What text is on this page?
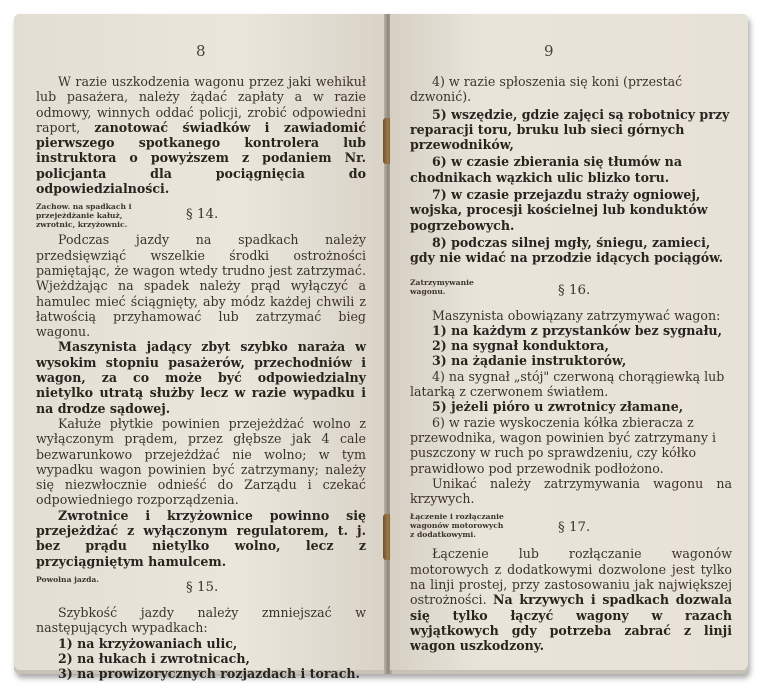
8

W razie uszkodzenia wagonu przez jaki wehikuł lub pasażera, należy żądać zapłaty a w razie odmowy, winnych oddać policji, zrobić odpowiedni raport, zanotować świadków i zawiadomić pierwszego spotkanego kontrolera lub instruktora o powyższem z podaniem Nr. policjanta dla pociągnięcia do odpowiedzialności.

Zachow. na spadkach i przejeżdżanie kałuż, zwrotnic, krzyżownic.
§ 14.

Podczas jazdy na spadkach należy przedsięwziąć wszelkie środki ostrożności pamiętając, że wagon wtedy trudno jest zatrzymać. Wjeżdżając na spadek należy prąd wyłączyć a hamulec mieć ściągnięty, aby módz każdej chwili z łatwością przyhamować lub zatrzymać bieg wagonu.

Maszynista jadący zbyt szybko naraża w wysokim stopniu pasażerów, przechodniów i wagon, za co może być odpowiedzialny nietylko utratą służby lecz w razie wypadku i na drodze sądowej.

Kałuże płytkie powinien przejeżdżać wolno z wyłączonym prądem, przez głębsze jak 4 cale bezwarunkowo przejeżdżać nie wolno; w tym wypadku wagon powinien być zatrzymany; należy się niezwłocznie odnieść do Zarządu i czekać odpowiedniego rozporządzenia.

Zwrotnice i krzyżownice powinno się przejeżdżać z wyłączonym regulatorem, t. j. bez prądu nietylko wolno, lecz z przyciągniętym hamulcem.

Powolna jazda.
§ 15.

Szybkość jazdy należy zmniejszać w następujących wypadkach:

1) na krzyżowaniach ulic,

2) na łukach i zwrotnicach,

3) na prowizorycznych rozjazdach i torach.

9

4) w razie spłoszenia się koni (przestać dzwonić).

5) wszędzie, gdzie zajęci są robotnicy przy reparacji toru, bruku lub sieci górnych przewodników,

6) w czasie zbierania się tłumów na chodnikach wązkich ulic blizko toru.

7) w czasie przejazdu straży ogniowej, wojska, procesji kościelnej lub konduktów pogrzebowych.

8) podczas silnej mgły, śniegu, zamieci, gdy nie widać na przodzie idących pociągów.

Zatrzymywanie wagonu.	§ 16.

Maszynista obowiązany zatrzymywać wagon:

1) na każdym z przystanków bez sygnału,

2) na sygnał konduktora,

3) na żądanie instruktorów,

4) na sygnał „stój" czerwoną chorągiewką lub latarką z czerwonem światłem.

5) jeżeli pióro u zwrotnicy złamane,

6) w razie wyskoczenia kółka zbieracza z przewodnika, wagon powinien być zatrzymany i puszczony w ruch po sprawdzeniu, czy kółko prawidłowo pod przewodnik podłożono.

Unikać należy zatrzymywania wagonu na krzywych.

Łączenie i rozłączanie wagonów motorowych z dodatkowymi.	§ 17.

Łączenie lub rozłączanie wagonów motorowych z dodatkowymi dozwolone jest tylko na linji prostej, przy zastosowaniu jak największej ostrożności. Na krzywych i spadkach dozwala się tylko łączyć wagony w razach wyjątkowych gdy potrzeba zabrać z linji wagon uszkodzony.
